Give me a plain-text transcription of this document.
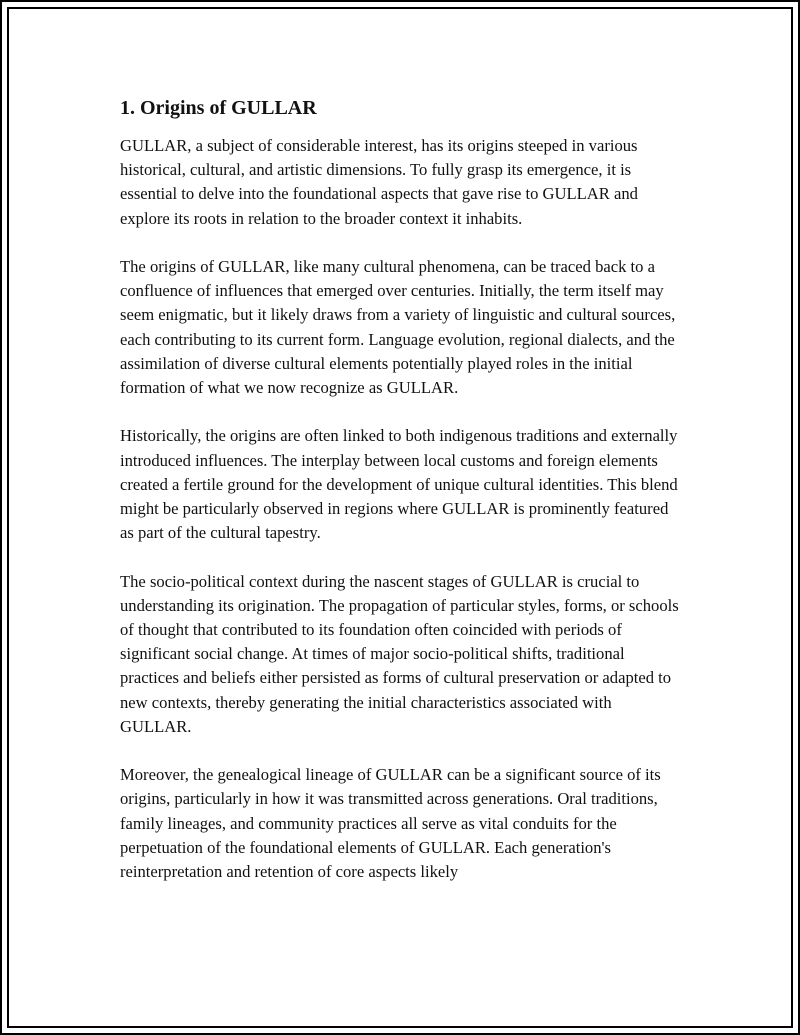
1. Origins of GULLAR

GULLAR, a subject of considerable interest, has its origins steeped in various historical, cultural, and artistic dimensions. To fully grasp its emergence, it is essential to delve into the foundational aspects that gave rise to GULLAR and explore its roots in relation to the broader context it inhabits.

The origins of GULLAR, like many cultural phenomena, can be traced back to a confluence of influences that emerged over centuries. Initially, the term itself may seem enigmatic, but it likely draws from a variety of linguistic and cultural sources, each contributing to its current form. Language evolution, regional dialects, and the assimilation of diverse cultural elements potentially played roles in the initial formation of what we now recognize as GULLAR.

Historically, the origins are often linked to both indigenous traditions and externally introduced influences. The interplay between local customs and foreign elements created a fertile ground for the development of unique cultural identities. This blend might be particularly observed in regions where GULLAR is prominently featured as part of the cultural tapestry.

The socio-political context during the nascent stages of GULLAR is crucial to understanding its origination. The propagation of particular styles, forms, or schools of thought that contributed to its foundation often coincided with periods of significant social change. At times of major socio-political shifts, traditional practices and beliefs either persisted as forms of cultural preservation or adapted to new contexts, thereby generating the initial characteristics associated with GULLAR.

Moreover, the genealogical lineage of GULLAR can be a significant source of its origins, particularly in how it was transmitted across generations. Oral traditions, family lineages, and community practices all serve as vital conduits for the perpetuation of the foundational elements of GULLAR. Each generation's reinterpretation and retention of core aspects likely
